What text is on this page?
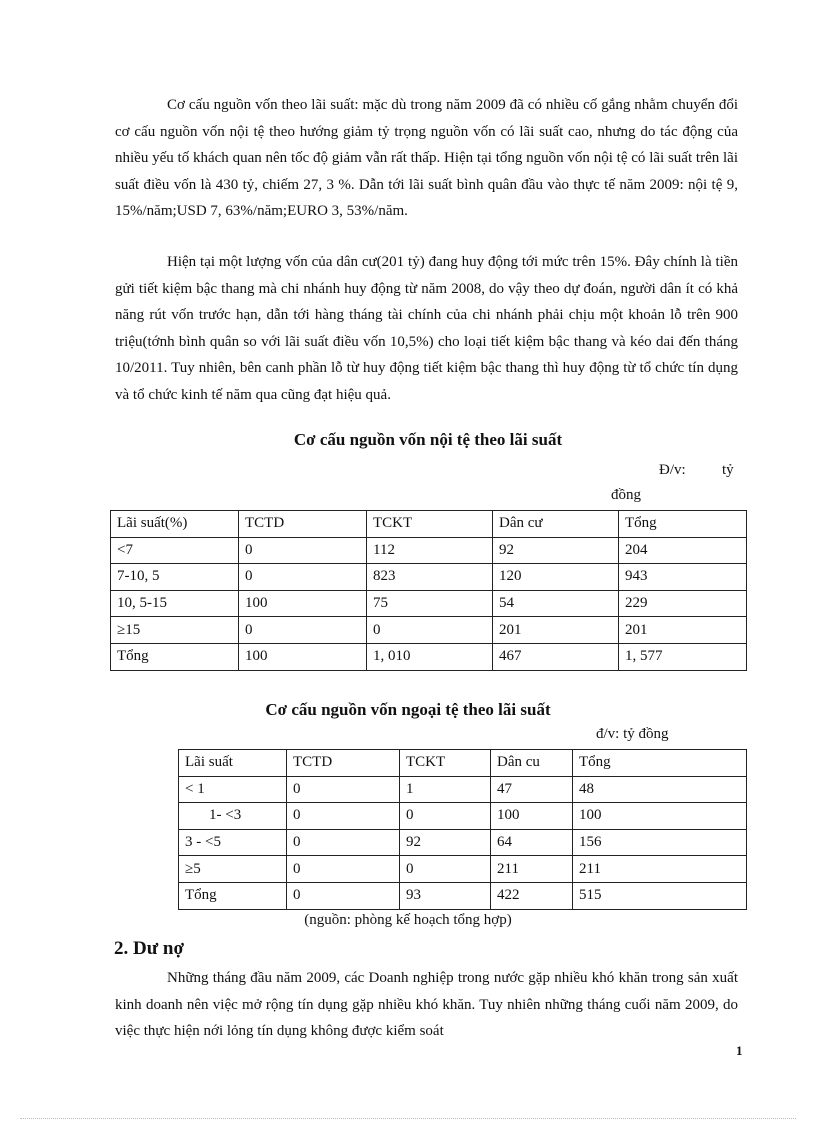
Cơ cấu nguồn vốn theo lãi suất: mặc dù trong năm 2009 đã có nhiều cố gắng nhằm chuyển đổi cơ cấu nguồn vốn nội tệ theo hướng giảm tỷ trọng nguồn vốn có lãi suất cao, nhưng do tác động của nhiều yếu tố khách quan nên tốc độ giảm vẫn rất thấp. Hiện tại tổng nguồn vốn nội tệ có lãi suất trên lãi suất điều vốn là 430 tỷ, chiếm 27, 3 %. Dẫn tới lãi suất bình quân đầu vào thực tế năm 2009: nội tệ 9, 15%/năm;USD 7, 63%/năm;EURO 3, 53%/năm.

Hiện tại một lượng vốn của dân cư(201 tỷ) đang huy động tới mức trên 15%. Đây chính là tiền gửi tiết kiệm bậc thang mà chi nhánh huy động từ năm 2008, do vậy theo dự đoán, người dân ít có khả năng rút vốn trước hạn, dẫn tới hàng tháng tài chính của chi nhánh phải chịu một khoản lỗ trên 900 triệu(tớnh bình quân so với lãi suất điều vốn 10,5%) cho loại tiết kiệm bậc thang và kéo dai đến tháng 10/2011. Tuy nhiên, bên canh phần lỗ từ huy động tiết kiệm bậc thang thì huy động từ tổ chức tín dụng và tổ chức kinh tế năm qua cũng đạt hiệu quả.

Cơ cấu nguồn vốn nội tệ theo lãi suất

Đ/v: tỷ
đồng
Lãi suất(%)	TCTD	TCKT	Dân cư	Tổng
<7	0	112	92	204
7-10, 5	0	823	120	943
10, 5-15	100	75	54	229
≥15	0	0	201	201
Tổng	100	1, 010	467	1, 577

Cơ cấu nguồn vốn ngoại tệ theo lãi suất

đ/v: tỷ đồng
Lãi suất	TCTD	TCKT	Dân cu	Tổng
< 1	0	1	47	48
1- <3	0	0	100	100
3 - <5	0	92	64	156
≥5	0	0	211	211
Tổng	0	93	422	515
(nguồn: phòng kế hoạch tổng hợp)
2. Dư nợ

Những tháng đầu năm 2009, các Doanh nghiệp trong nước gặp nhiều khó khăn trong sản xuất kinh doanh nên việc mở rộng tín dụng gặp nhiều khó khăn. Tuy nhiên những tháng cuối năm 2009, do việc thực hiện nới lỏng tín dụng không được kiểm soát

1
